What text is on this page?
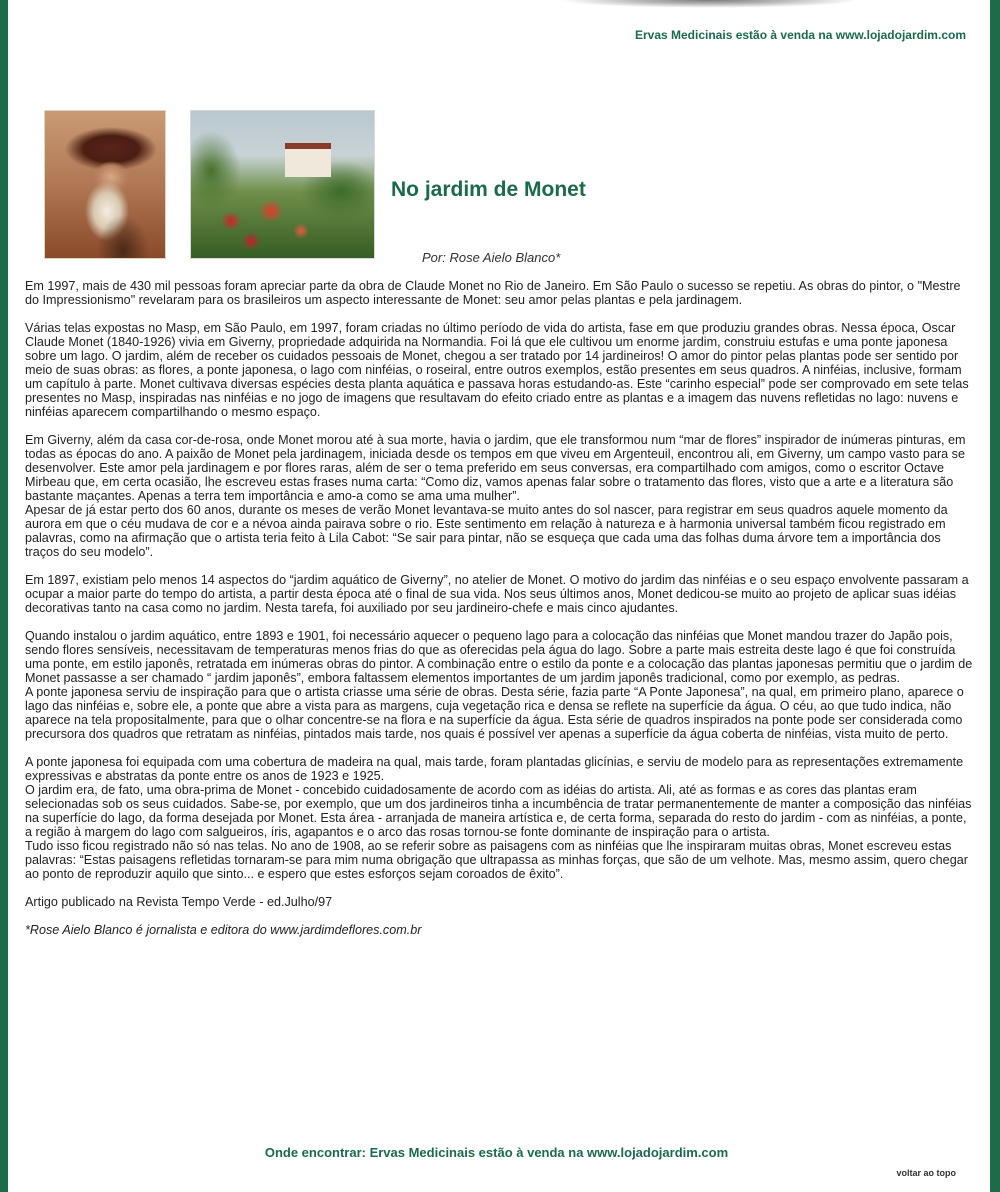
Ervas Medicinais estão à venda na www.lojadojardim.com
No jardim de Monet
Por: Rose Aielo Blanco*

Em 1997, mais de 430 mil pessoas foram apreciar parte da obra de Claude Monet no Rio de Janeiro. Em São Paulo o sucesso se repetiu. As obras do pintor, o "Mestre do Impressionismo" revelaram para os brasileiros um aspecto interessante de Monet: seu amor pelas plantas e pela jardinagem.

Várias telas expostas no Masp, em São Paulo, em 1997, foram criadas no último período de vida do artista, fase em que produziu grandes obras. Nessa época, Oscar Claude Monet (1840-1926) vivia em Giverny, propriedade adquirida na Normandia. Foi lá que ele cultivou um enorme jardim, construiu estufas e uma ponte japonesa sobre um lago. O jardim, além de receber os cuidados pessoais de Monet, chegou a ser tratado por 14 jardineiros! O amor do pintor pelas plantas pode ser sentido por meio de suas obras: as flores, a ponte japonesa, o lago com ninféias, o roseiral, entre outros exemplos, estão presentes em seus quadros. A ninféias, inclusive, formam um capítulo à parte. Monet cultivava diversas espécies desta planta aquática e passava horas estudando-as. Este “carinho especial” pode ser comprovado em sete telas presentes no Masp, inspiradas nas ninféias e no jogo de imagens que resultavam do efeito criado entre as plantas e a imagem das nuvens refletidas no lago: nuvens e ninféias aparecem compartilhando o mesmo espaço.

Em Giverny, além da casa cor-de-rosa, onde Monet morou até à sua morte, havia o jardim, que ele transformou num “mar de flores” inspirador de inúmeras pinturas, em todas as épocas do ano. A paixão de Monet pela jardinagem, iniciada desde os tempos em que viveu em Argenteuil, encontrou ali, em Giverny, um campo vasto para se desenvolver. Este amor pela jardinagem e por flores raras, além de ser o tema preferido em seus conversas, era compartilhado com amigos, como o escritor Octave Mirbeau que, em certa ocasião, lhe escreveu estas frases numa carta: “Como diz, vamos apenas falar sobre o tratamento das flores, visto que a arte e a literatura são bastante maçantes. Apenas a terra tem importância e amo-a como se ama uma mulher”.

Apesar de já estar perto dos 60 anos, durante os meses de verão Monet levantava-se muito antes do sol nascer, para registrar em seus quadros aquele momento da aurora em que o céu mudava de cor e a névoa ainda pairava sobre o rio. Este sentimento em relação à natureza e à harmonia universal também ficou registrado em palavras, como na afirmação que o artista teria feito à Lila Cabot: “Se sair para pintar, não se esqueça que cada uma das folhas duma árvore tem a importância dos traços do seu modelo”.

Em 1897, existiam pelo menos 14 aspectos do “jardim aquático de Giverny”, no atelier de Monet. O motivo do jardim das ninféias e o seu espaço envolvente passaram a ocupar a maior parte do tempo do artista, a partir desta época até o final de sua vida. Nos seus últimos anos, Monet dedicou-se muito ao projeto de aplicar suas idéias decorativas tanto na casa como no jardim. Nesta tarefa, foi auxiliado por seu jardineiro-chefe e mais cinco ajudantes.

Quando instalou o jardim aquático, entre 1893 e 1901, foi necessário aquecer o pequeno lago para a colocação das ninféias que Monet mandou trazer do Japão pois, sendo flores sensíveis, necessitavam de temperaturas menos frias do que as oferecidas pela água do lago. Sobre a parte mais estreita deste lago é que foi construída uma ponte, em estilo japonês, retratada em inúmeras obras do pintor. A combinação entre o estilo da ponte e a colocação das plantas japonesas permitiu que o jardim de Monet passasse a ser chamado “ jardim japonês”, embora faltassem elementos importantes de um jardim japonês tradicional, como por exemplo, as pedras.

A ponte japonesa serviu de inspiração para que o artista criasse uma série de obras. Desta série, fazia parte “A Ponte Japonesa”, na qual, em primeiro plano, aparece o lago das ninféias e, sobre ele, a ponte que abre a vista para as margens, cuja vegetação rica e densa se reflete na superfície da água. O céu, ao que tudo indica, não aparece na tela propositalmente, para que o olhar concentre-se na flora e na superfície da água. Esta série de quadros inspirados na ponte pode ser considerada como precursora dos quadros que retratam as ninféias, pintados mais tarde, nos quais é possível ver apenas a superfície da água coberta de ninféias, vista muito de perto.

A ponte japonesa foi equipada com uma cobertura de madeira na qual, mais tarde, foram plantadas glicínias, e serviu de modelo para as representações extremamente expressivas e abstratas da ponte entre os anos de 1923 e 1925.

O jardim era, de fato, uma obra-prima de Monet - concebido cuidadosamente de acordo com as idéias do artista. Ali, até as formas e as cores das plantas eram selecionadas sob os seus cuidados. Sabe-se, por exemplo, que um dos jardineiros tinha a incumbência de tratar permanentemente de manter a composição das ninféias na superfície do lago, da forma desejada por Monet. Esta área - arranjada de maneira artística e, de certa forma, separada do resto do jardim - com as ninféias, a ponte, a região à margem do lago com salgueiros, íris, agapantos e o arco das rosas tornou-se fonte dominante de inspiração para o artista.

Tudo isso ficou registrado não só nas telas. No ano de 1908, ao se referir sobre as paisagens com as ninféias que lhe inspiraram muitas obras, Monet escreveu estas palavras: “Estas paisagens refletidas tornaram-se para mim numa obrigação que ultrapassa as minhas forças, que são de um velhote. Mas, mesmo assim, quero chegar ao ponto de reproduzir aquilo que sinto... e espero que estes esforços sejam coroados de êxito”.

Artigo publicado na Revista Tempo Verde - ed.Julho/97

*Rose Aielo Blanco é jornalista e editora do www.jardimdeflores.com.br

Onde encontrar: Ervas Medicinais estão à venda na www.lojadojardim.com
voltar ao topo
